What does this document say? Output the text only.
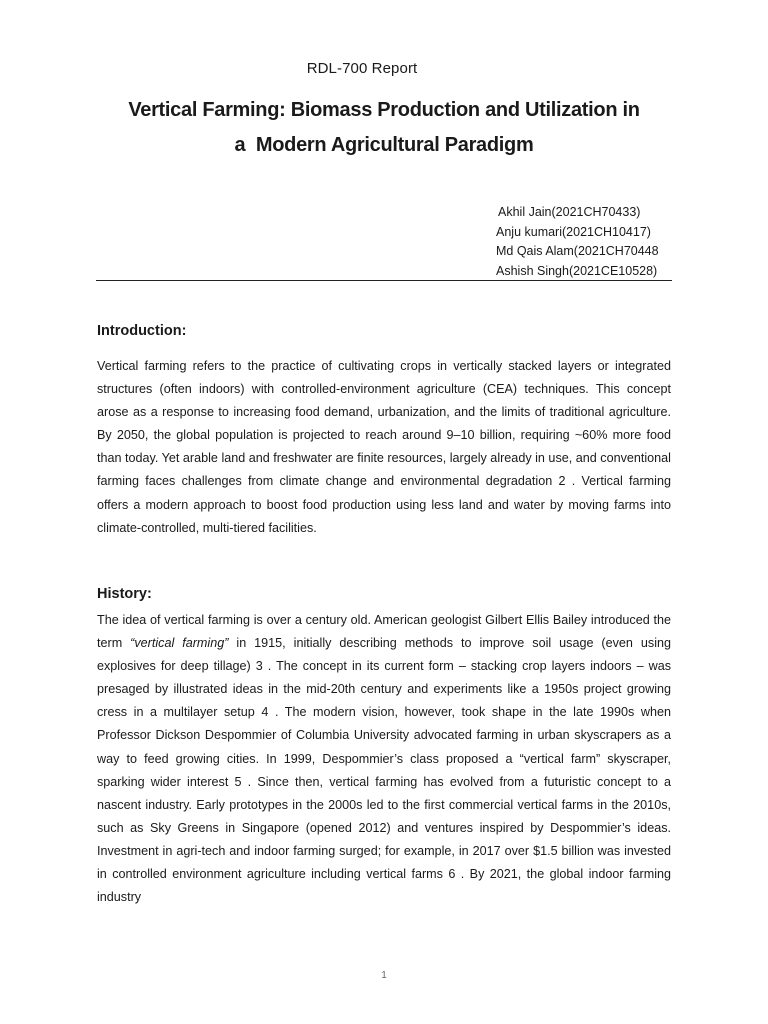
RDL-700 Report
Vertical Farming: Biomass Production and Utilization in
a  Modern Agricultural Paradigm
Akhil Jain(2021CH70433)
Anju kumari(2021CH10417)
Md Qais Alam(2021CH70448
Ashish Singh(2021CE10528)
Introduction:

Vertical farming refers to the practice of cultivating crops in vertically stacked layers or integrated structures (often indoors) with controlled-environment agriculture (CEA) techniques. This concept arose as a response to increasing food demand, urbanization, and the limits of traditional agriculture. By 2050, the global population is projected to reach around 9–10 billion, requiring ~60% more food than today. Yet arable land and freshwater are finite resources, largely already in use, and conventional farming faces challenges from climate change and environmental degradation 2 . Vertical farming offers a modern approach to boost food production using less land and water by moving farms into climate-controlled, multi-tiered facilities.

History:

The idea of vertical farming is over a century old. American geologist Gilbert Ellis Bailey introduced the term “vertical farming” in 1915, initially describing methods to improve soil usage (even using explosives for deep tillage) 3 . The concept in its current form – stacking crop layers indoors – was presaged by illustrated ideas in the mid-20th century and experiments like a 1950s project growing cress in a multilayer setup 4 . The modern vision, however, took shape in the late 1990s when Professor Dickson Despommier of Columbia University advocated farming in urban skyscrapers as a way to feed growing cities. In 1999, Despommier’s class proposed a “vertical farm” skyscraper, sparking wider interest 5 . Since then, vertical farming has evolved from a futuristic concept to a nascent industry. Early prototypes in the 2000s led to the first commercial vertical farms in the 2010s, such as Sky Greens in Singapore (opened 2012) and ventures inspired by Despommier’s ideas. Investment in agri-tech and indoor farming surged; for example, in 2017 over $1.5 billion was invested in controlled environment agriculture including vertical farms 6 . By 2021, the global indoor farming industry

1
